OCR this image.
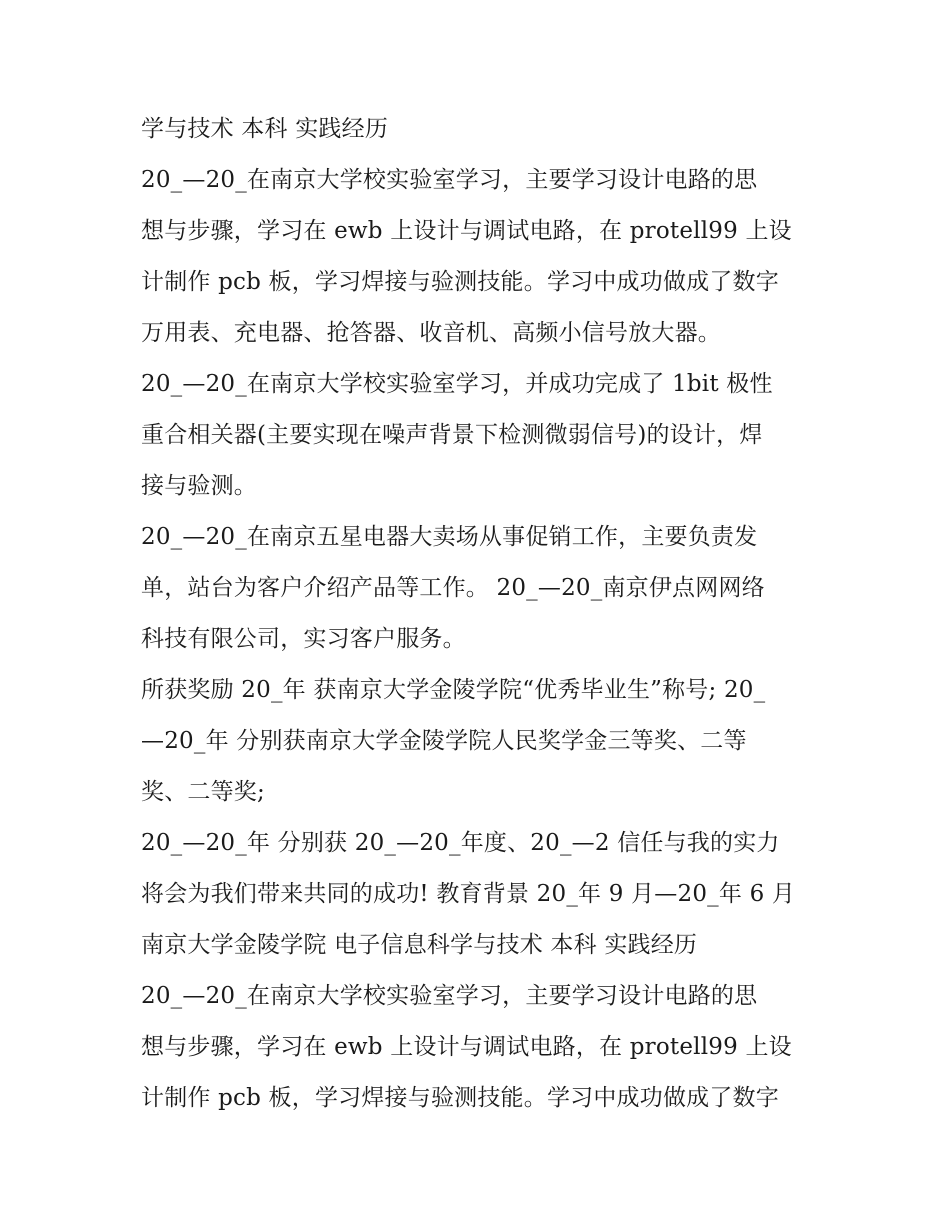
学与技术 本科 实践经历
20_—20_在南京大学校实验室学习，主要学习设计电路的思
想与步骤，学习在 ewb 上设计与调试电路，在 protell99 上设
计制作 pcb 板，学习焊接与验测技能。学习中成功做成了数字
万用表、充电器、抢答器、收音机、高频小信号放大器。
20_—20_在南京大学校实验室学习，并成功完成了 1bit 极性
重合相关器(主要实现在噪声背景下检测微弱信号)的设计，焊
接与验测。
20_—20_在南京五星电器大卖场从事促销工作，主要负责发
单，站台为客户介绍产品等工作。 20_—20_南京伊点网网络
科技有限公司，实习客户服务。
所获奖励 20_年 获南京大学金陵学院“优秀毕业生”称号; 20_
—20_年 分别获南京大学金陵学院人民奖学金三等奖、二等
奖、二等奖;
20_—20_年 分别获 20_—20_年度、20_—2 信任与我的实力
将会为我们带来共同的成功! 教育背景 20_年 9 月—20_年 6 月
南京大学金陵学院 电子信息科学与技术 本科 实践经历
20_—20_在南京大学校实验室学习，主要学习设计电路的思
想与步骤，学习在 ewb 上设计与调试电路，在 protell99 上设
计制作 pcb 板，学习焊接与验测技能。学习中成功做成了数字
